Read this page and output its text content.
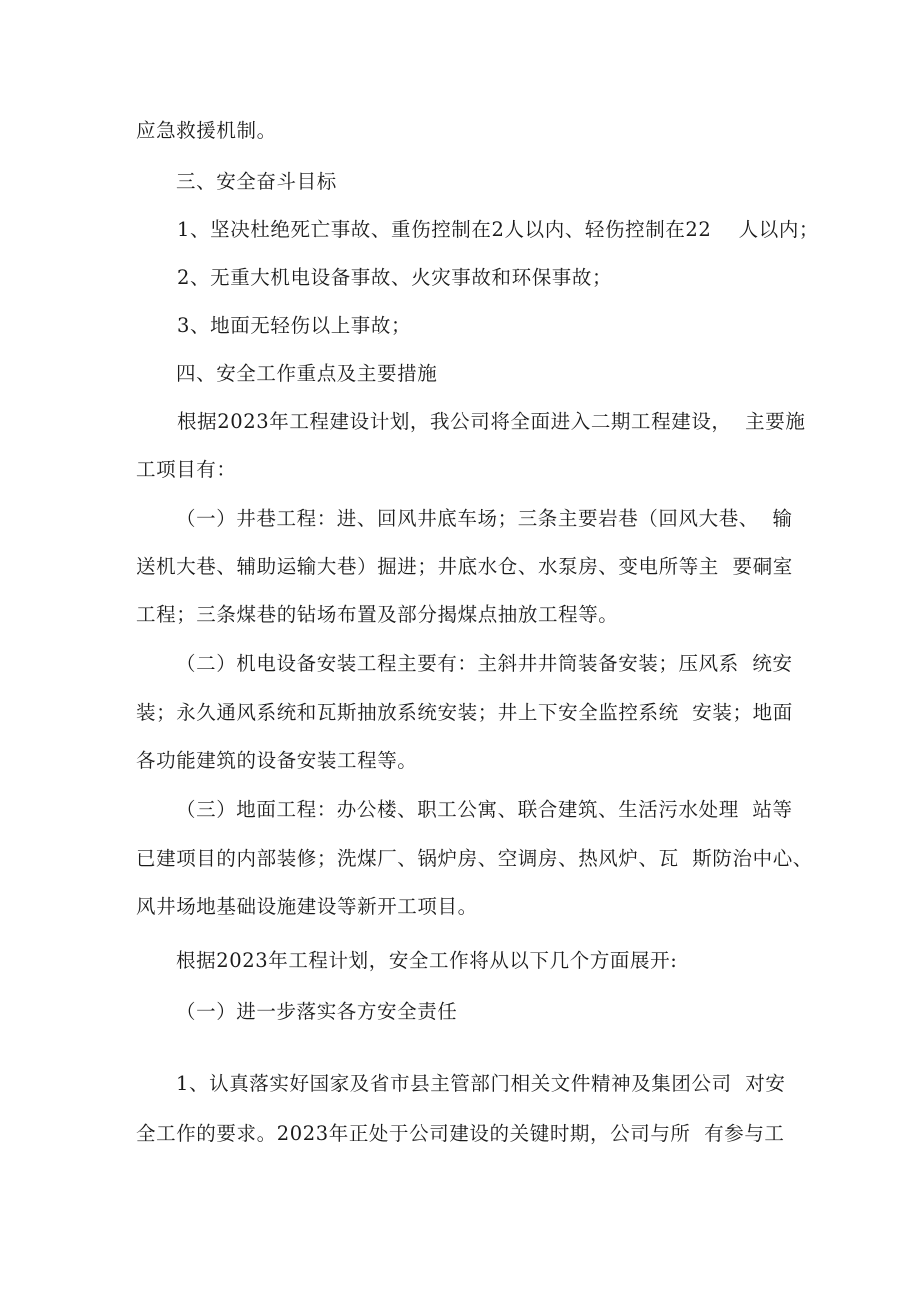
应急救援机制。
三、安全奋斗目标
1、坚决杜绝死亡事故、重伤控制在2人以内、轻伤控制在22    人以内；
2、无重大机电设备事故、火灾事故和环保事故；
3、地面无轻伤以上事故；
四、安全工作重点及主要措施
根据2023年工程建设计划，我公司将全面进入二期工程建设，  主要施
工项目有：
（一）井巷工程：进、回风井底车场；三条主要岩巷（回风大巷、  输
送机大巷、辅助运输大巷）掘进；井底水仓、水泵房、变电所等主  要硐室
工程；三条煤巷的钻场布置及部分揭煤点抽放工程等。
（二）机电设备安装工程主要有：主斜井井筒装备安装；压风系  统安
装；永久通风系统和瓦斯抽放系统安装；井上下安全监控系统  安装；地面
各功能建筑的设备安装工程等。
（三）地面工程：办公楼、职工公寓、联合建筑、生活污水处理  站等
已建项目的内部装修；洗煤厂、锅炉房、空调房、热风炉、瓦  斯防治中心、
风井场地基础设施建设等新开工项目。
根据2023年工程计划，安全工作将从以下几个方面展开:
（一）进一步落实各方安全责任
1、认真落实好国家及省市县主管部门相关文件精神及集团公司  对安
全工作的要求。2023年正处于公司建设的关键时期，公司与所  有参与工
